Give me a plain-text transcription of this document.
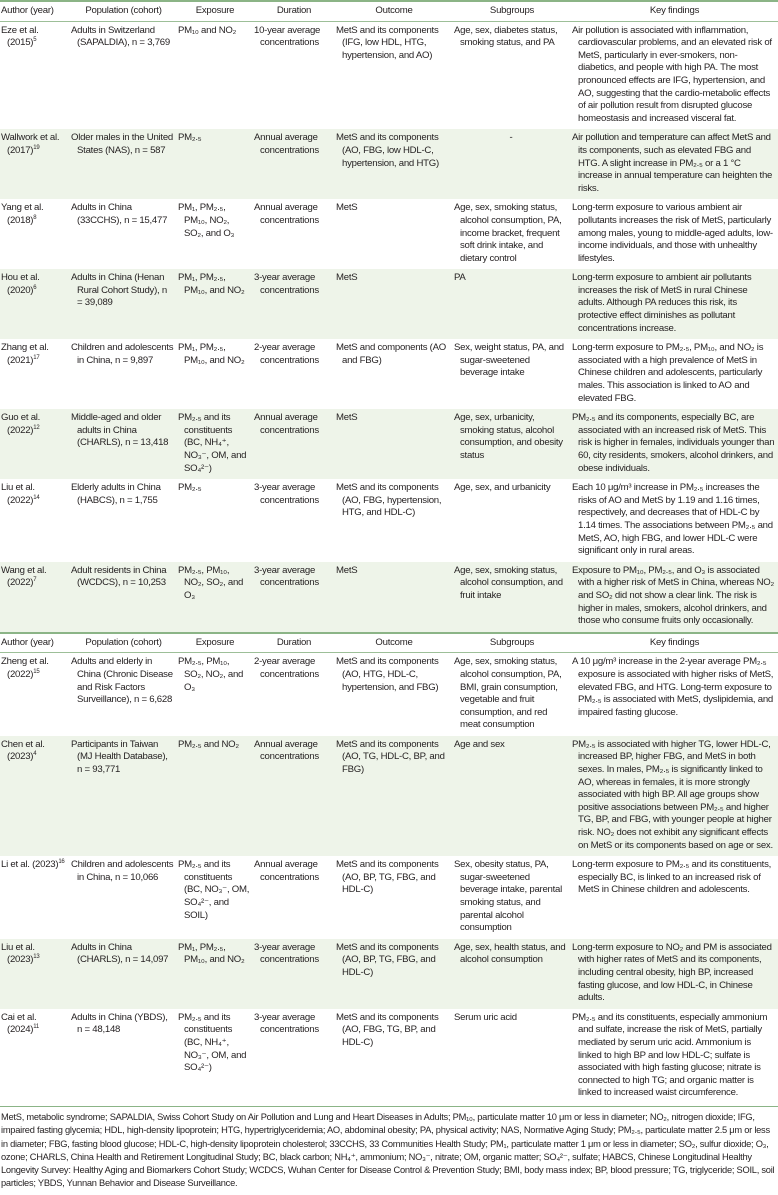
Author (year)	Population (cohort)	Exposure	Duration	Outcome	Subgroups	Key findings
Eze et al. (2015)$^5$	Adults in Switzerland (SAPALDIA), n = 3,769	PM₁₀ and NO₂	10-year average concentrations	MetS and its components (IFG, low HDL, HTG, hypertension, and AO)	Age, sex, diabetes status, smoking status, and PA	Air pollution is associated with inflammation, cardiovascular problems, and an elevated risk of MetS, particularly in ever-smokers, non-diabetics, and people with high PA. The most pronounced effects are IFG, hypertension, and AO, suggesting that the cardio-metabolic effects of air pollution result from disrupted glucose homeostasis and increased visceral fat.
Wallwork et al. (2017)$^{19}$	Older males in the United States (NAS), n = 587	PM₂.₅	Annual average concentrations	MetS and its components (AO, FBG, low HDL-C, hypertension, and HTG)	-	Air pollution and temperature can affect MetS and its components, such as elevated FBG and HTG. A slight increase in PM₂.₅ or a 1 °C increase in annual temperature can heighten the risks.
Yang et al. (2018)$^8$	Adults in China (33CCHS), n = 15,477	PM₁, PM₂.₅, PM₁₀, NO₂, SO₂, and O₃	Annual average concentrations	MetS	Age, sex, smoking status, alcohol consumption, PA, income bracket, frequent soft drink intake, and dietary control	Long-term exposure to various ambient air pollutants increases the risk of MetS, particularly among males, young to middle-aged adults, low-income individuals, and those with unhealthy lifestyles.
Hou et al. (2020)$^6$	Adults in China (Henan Rural Cohort Study), n = 39,089	PM₁, PM₂.₅, PM₁₀, and NO₂	3-year average concentrations	MetS	PA	Long-term exposure to ambient air pollutants increases the risk of MetS in rural Chinese adults. Although PA reduces this risk, its protective effect diminishes as pollutant concentrations increase.
Zhang et al. (2021)$^{17}$	Children and adolescents in China, n = 9,897	PM₁, PM₂.₅, PM₁₀, and NO₂	2-year average concentrations	MetS and components (AO and FBG)	Sex, weight status, PA, and sugar-sweetened beverage intake	Long-term exposure to PM₂.₅, PM₁₀, and NO₂ is associated with a high prevalence of MetS in Chinese children and adolescents, particularly males. This association is linked to AO and elevated FBG.
Guo et al. (2022)$^{12}$	Middle-aged and older adults in China (CHARLS), n = 13,418	PM₂.₅ and its constituents (BC, NH₄⁺, NO₃⁻, OM, and SO₄²⁻)	Annual average concentrations	MetS	Age, sex, urbanicity, smoking status, alcohol consumption, and obesity status	PM₂.₅ and its components, especially BC, are associated with an increased risk of MetS. This risk is higher in females, individuals younger than 60, city residents, smokers, alcohol drinkers, and obese individuals.
Liu et al. (2022)$^{14}$	Elderly adults in China (HABCS), n = 1,755	PM₂.₅	3-year average concentrations	MetS and its components (AO, FBG, hypertension, HTG, and HDL-C)	Age, sex, and urbanicity	Each 10 μg/m³ increase in PM₂.₅ increases the risks of AO and MetS by 1.19 and 1.16 times, respectively, and decreases that of HDL-C by 1.14 times. The associations between PM₂.₅ and MetS, AO, high FBG, and lower HDL-C were significant only in rural areas.
Wang et al. (2022)$^7$	Adult residents in China (WCDCS), n = 10,253	PM₂.₅, PM₁₀, NO₂, SO₂, and O₃	3-year average concentrations	MetS	Age, sex, smoking status, alcohol consumption, and fruit intake	Exposure to PM₁₀, PM₂.₅, and O₃ is associated with a higher risk of MetS in China, whereas NO₂ and SO₂ did not show a clear link. The risk is higher in males, smokers, alcohol drinkers, and those who consume fruits only occasionally.

Author (year)	Population (cohort)	Exposure	Duration	Outcome	Subgroups	Key findings
Zheng et al. (2022)$^{15}$	Adults and elderly in China (Chronic Disease and Risk Factors Surveillance), n = 6,628	PM₂.₅, PM₁₀, SO₂, NO₂, and O₃	2-year average concentrations	MetS and its components (AO, HTG, HDL-C, hypertension, and FBG)	Age, sex, smoking status, alcohol consumption, PA, BMI, grain consumption, vegetable and fruit consumption, and red meat consumption	A 10 μg/m³ increase in the 2-year average PM₂.₅ exposure is associated with higher risks of MetS, elevated FBG, and HTG. Long-term exposure to PM₂.₅ is associated with MetS, dyslipidemia, and impaired fasting glucose.
Chen et al. (2023)$^4$	Participants in Taiwan (MJ Health Database), n = 93,771	PM₂.₅ and NO₂	Annual average concentrations	MetS and its components (AO, TG, HDL-C, BP, and FBG)	Age and sex	PM₂.₅ is associated with higher TG, lower HDL-C, increased BP, higher FBG, and MetS in both sexes. In males, PM₂.₅ is significantly linked to AO, whereas in females, it is more strongly associated with high BP. All age groups show positive associations between PM₂.₅ and higher TG, BP, and FBG, with younger people at higher risk. NO₂ does not exhibit any significant effects on MetS or its components based on age or sex.
Li et al. (2023)$^{16}$	Children and adolescents in China, n = 10,066	PM₂.₅ and its constituents (BC, NO₃⁻, OM, SO₄²⁻, and SOIL)	Annual average concentrations	MetS and its components (AO, BP, TG, FBG, and HDL-C)	Sex, obesity status, PA, sugar-sweetened beverage intake, parental smoking status, and parental alcohol consumption	Long-term exposure to PM₂.₅ and its constituents, especially BC, is linked to an increased risk of MetS in Chinese children and adolescents.
Liu et al. (2023)$^{13}$	Adults in China (CHARLS), n = 14,097	PM₁, PM₂.₅, PM₁₀, and NO₂	3-year average concentrations	MetS and its components (AO, BP, TG, FBG, and HDL-C)	Age, sex, health status, and alcohol consumption	Long-term exposure to NO₂ and PM is associated with higher rates of MetS and its components, including central obesity, high BP, increased fasting glucose, and low HDL-C, in Chinese adults.
Cai et al. (2024)$^{11}$	Adults in China (YBDS), n = 48,148	PM₂.₅ and its constituents (BC, NH₄⁺, NO₃⁻, OM, and SO₄²⁻)	3-year average concentrations	MetS and its components (AO, FBG, TG, BP, and HDL-C)	Serum uric acid	PM₂.₅ and its constituents, especially ammonium and sulfate, increase the risk of MetS, partially mediated by serum uric acid. Ammonium is linked to high BP and low HDL-C; sulfate is associated with high fasting glucose; nitrate is connected to high TG; and organic matter is linked to increased waist circumference.
MetS, metabolic syndrome; SAPALDIA, Swiss Cohort Study on Air Pollution and Lung and Heart Diseases in Adults; PM₁₀, particulate matter 10 μm or less in diameter; NO₂, nitrogen dioxide; IFG, impaired fasting glycemia; HDL, high-density lipoprotein; HTG, hypertriglyceridemia; AO, abdominal obesity; PA, physical activity; NAS, Normative Aging Study; PM₂.₅, particulate matter 2.5 μm or less in diameter; FBG, fasting blood glucose; HDL-C, high-density lipoprotein cholesterol; 33CCHS, 33 Communities Health Study; PM₁, particulate matter 1 μm or less in diameter; SO₂, sulfur dioxide; O₃, ozone; CHARLS, China Health and Retirement Longitudinal Study; BC, black carbon; NH₄⁺, ammonium; NO₃⁻, nitrate; OM, organic matter; SO₄²⁻, sulfate; HABCS, Chinese Longitudinal Healthy Longevity Survey: Healthy Aging and Biomarkers Cohort Study; WCDCS, Wuhan Center for Disease Control & Prevention Study; BMI, body mass index; BP, blood pressure; TG, triglyceride; SOIL, soil particles; YBDS, Yunnan Behavior and Disease Surveillance.
